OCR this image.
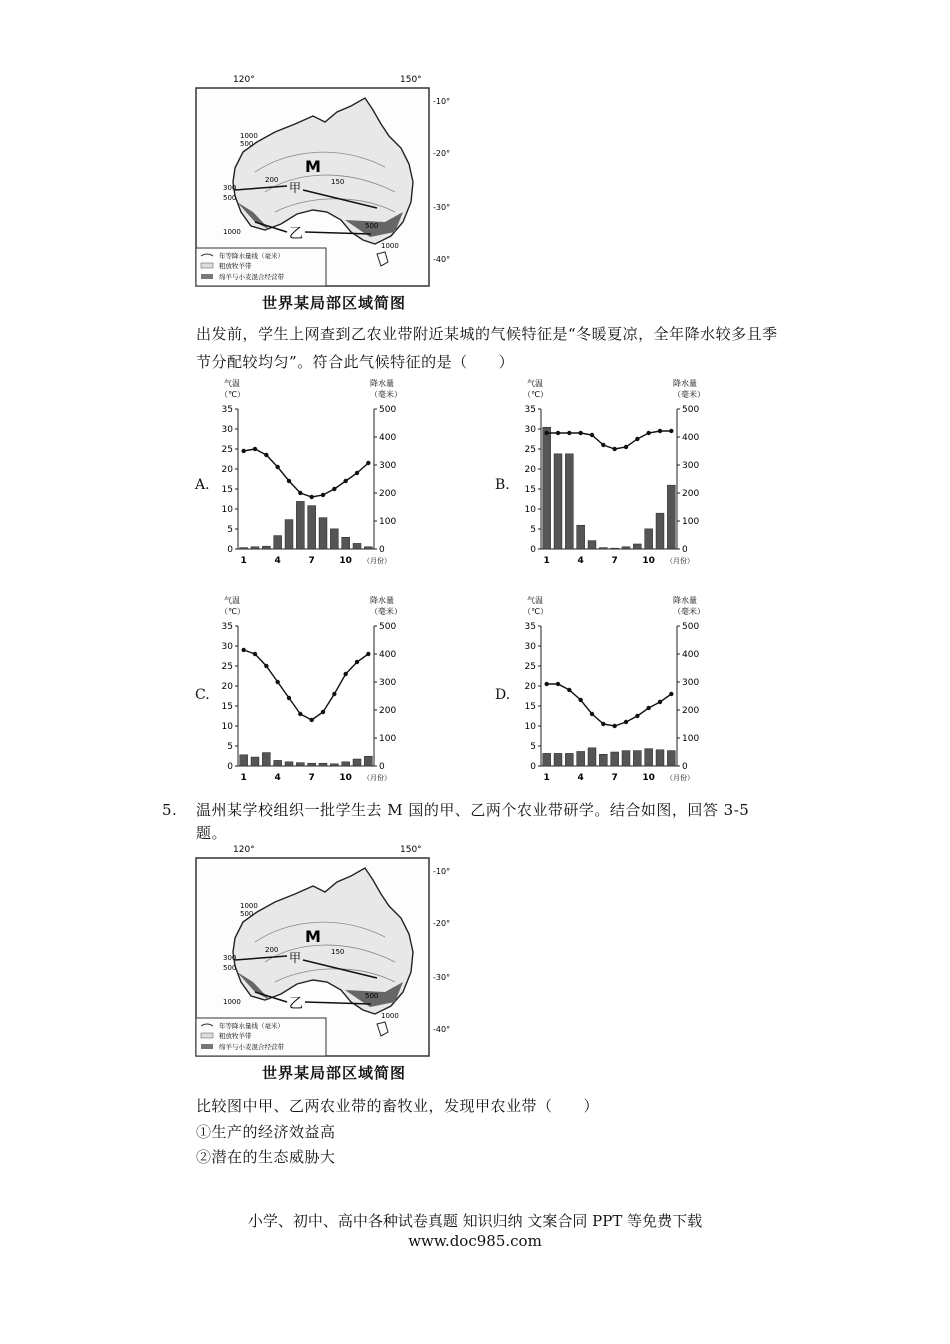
120°	150°
-10°
-20°
-30°
-40°
1000
500
300
200	150
500
1000
1000
500
M
甲
乙
年等降水量线（毫米）
粗放牧羊带
绵羊与小麦混合经营带
世界某局部区域简图
出发前，学生上网查到乙农业带附近某城的气候特征是“冬暖夏凉，全年降水较多且季节分配较均匀”。符合此气候特征的是（　　）
A.
气温
（℃）
降水量
（毫米）
35
30
25
20
15
10
5
0
500
400
300
200
100
0
1	4	7	10 （月份）
B.
气温
（℃）
降水量
（毫米）
35
30
25
20
15
10
5
0
500
400
300
200
100
0
1	4	7	10 （月份）
C.
气温
（℃）
降水量
（毫米）
35
30
25
20
15
10
5
0
500
400
300
200
100
0
1	4	7	10 （月份）
D.
气温
（℃）
降水量
（毫米）
35
30
25
20
15
10
5
0
500
400
300
200
100
0
1	4	7	10 （月份）
5. 温州某学校组织一批学生去 M 国的甲、乙两个农业带研学。结合如图，回答 3-5
题。
120°	150°
-10°
-20°
-30°
-40°
1000
500
300
200	150
500
1000
1000
500
M
甲
乙
年等降水量线（毫米）
粗放牧羊带
绵羊与小麦混合经营带
世界某局部区域简图
比较图中甲、乙两农业带的畜牧业，发现甲农业带（　　）
①生产的经济效益高
②潜在的生态威胁大
小学、初中、高中各种试卷真题 知识归纳 文案合同 PPT 等免费下载
www.doc985.com
